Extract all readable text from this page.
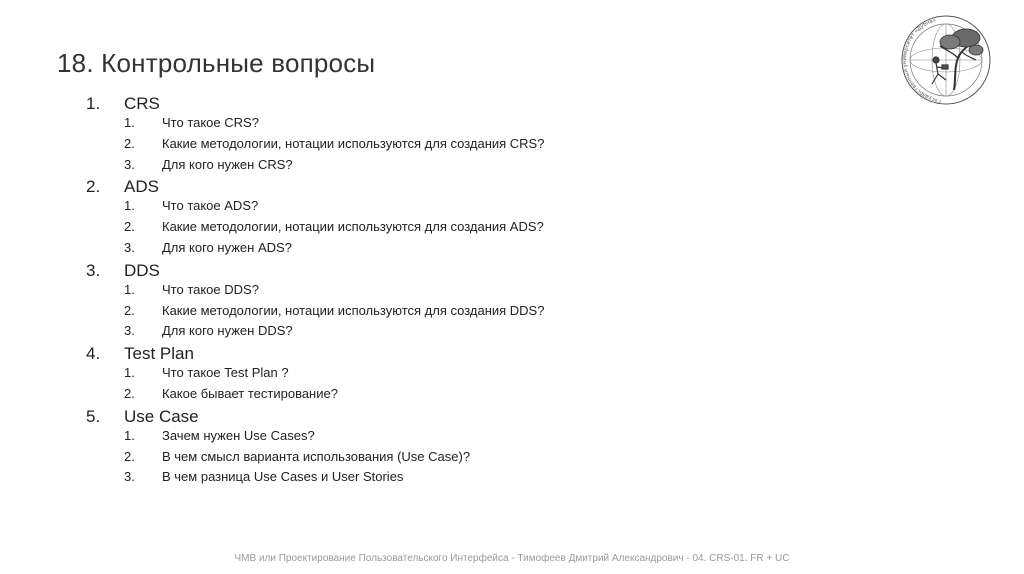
18. Контрольные вопросы
Государственный университет «Дубна»
1.	CRS
1.	Что такое CRS?
2.	Какие методологии, нотации используются для создания CRS?
3.	Для кого нужен CRS?
2.	ADS
1.	Что такое ADS?
2.	Какие методологии, нотации используются для создания ADS?
3.	Для кого нужен ADS?
3.	DDS
1.	Что такое DDS?
2.	Какие методологии, нотации используются для создания DDS?
3.	Для кого нужен DDS?
4.	Test Plan
1.	Что такое Test Plan ?
2.	Какое бывает тестирование?
5.	Use Case
1.	Зачем нужен Use Cases?
2.	В чем смысл варианта использования (Use Case)?
3.	В чем разница Use Cases и User Stories
ЧМВ или Проектирование Пользовательского Интерфейса - Тимофеев Дмитрий Александрович - 04. CRS-01. FR + UC
